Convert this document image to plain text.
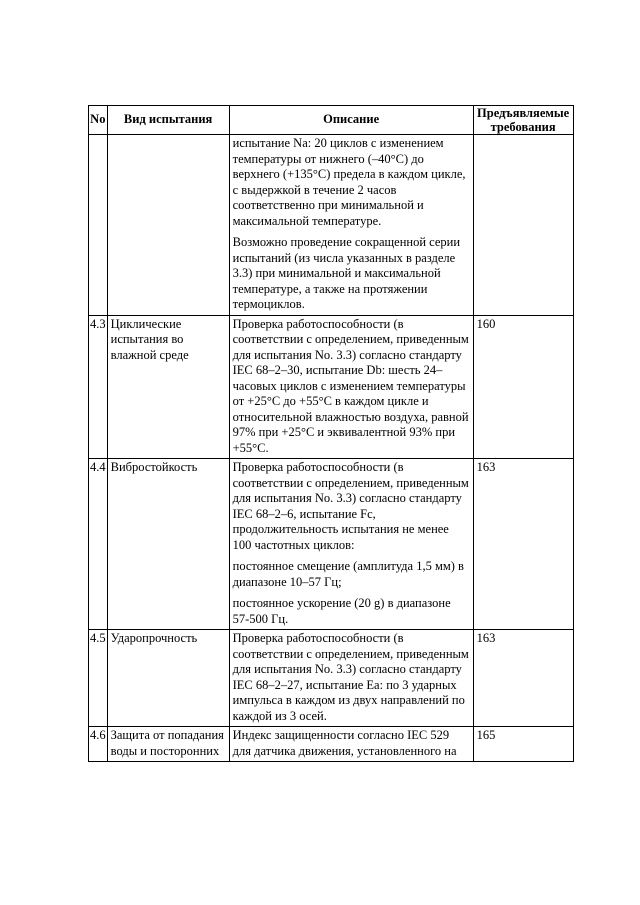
No	Вид испытания	Описание	Предъявляемые
требования

		испытание Na: 20 циклов с изменением температуры от нижнего (–40°С) до верхнего (+135°С) предела в каждом цикле, с выдержкой в течение 2 часов соответственно при минимальной и максимальной температуре.

Возможно проведение сокращенной серии испытаний (из числа указанных в разделе 3.3) при минимальной и максимальной температуре, а также на протяжении термоциклов.	

4.3	Циклические испытания во влажной среде	Проверка работоспособности (в соответствии с определением, приведенным для испытания No. 3.3) согласно стандарту IEC 68–2–30, испытание Db: шесть 24–часовых циклов с изменением температуры от +25°С до +55°С в каждом цикле и относительной влажностью воздуха, равной 97% при +25°С и эквивалентной 93% при +55°С.	160
4.4	Вибростойкость	Проверка работоспособности (в соответствии с определением, приведенным для испытания No. 3.3) согласно стандарту IEC 68–2–6, испытание Fc, продолжительность испытания не менее 100 частотных циклов:

постоянное смещение (амплитуда 1,5 мм) в диапазоне 10–57 Гц;

постоянное ускорение (20 g) в диапазоне 57-500 Гц.	163
4.5	Ударопрочность	Проверка работоспособности (в соответствии с определением, приведенным для испытания No. 3.3) согласно стандарту IEC 68–2–27, испытание Ea: по 3 ударных импульса в каждом из двух направлений по каждой из 3 осей.	163
4.6	Защита от попадания воды и посторонних	Индекс защищенности согласно IEC 529 для датчика движения, установленного на	165
